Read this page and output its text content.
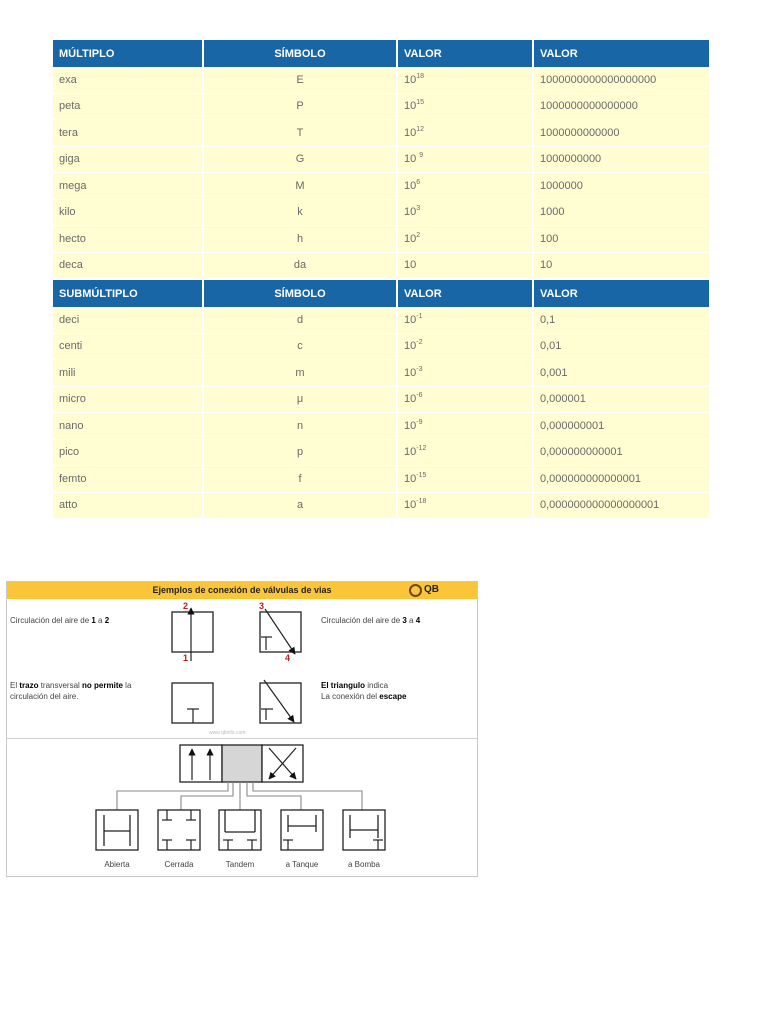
MÚLTIPLO	SÍMBOLO	VALOR	VALOR
exa	E	$10^{18}$	1000000000000000000
peta	P	$10^{15}$	1000000000000000
tera	T	$10^{12}$	1000000000000
giga	G	10 $^9$	1000000000
mega	M	$10^6$	1000000
kilo	k	$10^3$	1000
hecto	h	$10^2$	100
deca	da	10	10
SUBMÚLTIPLO	SÍMBOLO	VALOR	VALOR
deci	d	$10^{-1}$	0,1
centi	c	$10^{-2}$	0,01
mili	m	$10^{-3}$	0,001
micro	μ	$10^{-6}$	0,000001
nano	n	$10^{-9}$	0,000000001
pico	p	$10^{-12}$	0,000000000001
femto	f	$10^{-15}$	0,000000000000001
atto	a	$10^{-18}$	0,000000000000000001
Ejemplos de conexión de válvulas de vias	QB
Circulación del aire de 1 a 2	Circulación del aire de 3 a 4
El trazo transversal no permite la
circulación del aire.
El triangulo indica
La conexión del escape
2
1
3
4
www.qbinfo.com
Abierta	Cerrada	Tandem	a Tanque	a Bomba
